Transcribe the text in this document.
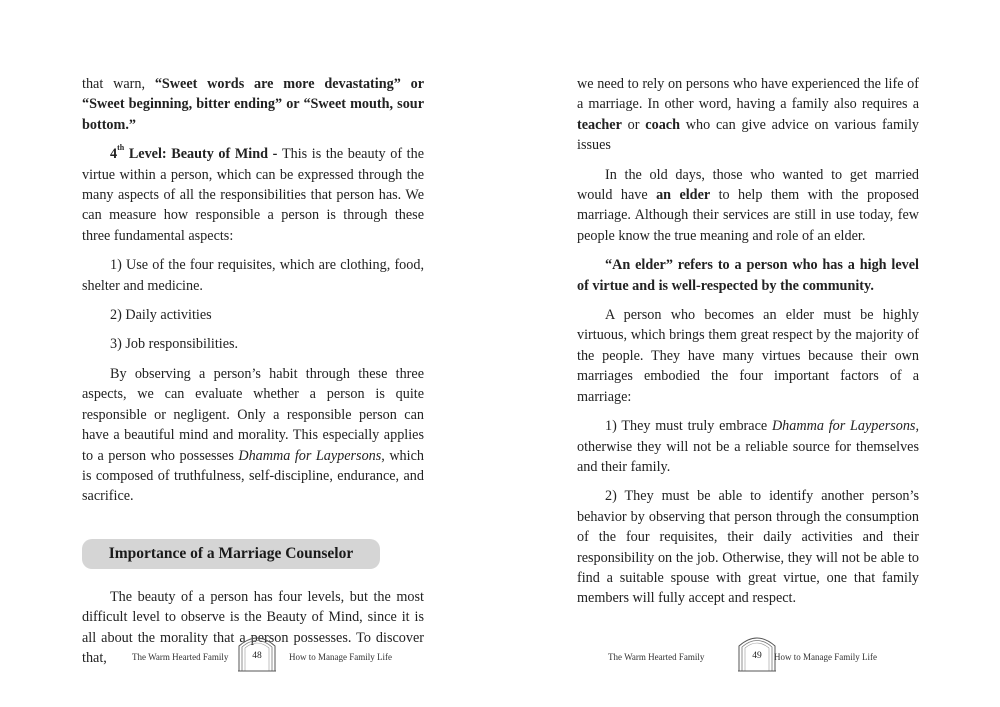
that warn, “Sweet words are more devastating” or “Sweet beginning, bitter ending” or “Sweet mouth, sour bottom.”

4th Level: Beauty of Mind - This is the beauty of the virtue within a person, which can be expressed through the many aspects of all the responsibilities that person has. We can measure how responsible a person is through these three fundamental aspects:

1) Use of the four requisites, which are clothing, food, shelter and medicine.

2) Daily activities

3) Job responsibilities.

By observing a person’s habit through these three aspects, we can evaluate whether a person is quite responsible or negligent. Only a responsible person can have a beautiful mind and morality. This especially applies to a person who possesses Dhamma for Laypersons, which is composed of truthfulness, self-discipline, endurance, and sacrifice.

Importance of a Marriage Counselor

The beauty of a person has four levels, but the most difficult level to observe is the Beauty of Mind, since it is all about the morality that a person possesses. To discover that,	The Warm Hearted Family	48	How to Manage Family Life

we need to rely on persons who have experienced the life of a marriage. In other word, having a family also requires a teacher or coach who can give advice on various family issues

In the old days, those who wanted to get married would have an elder to help them with the proposed marriage. Although their services are still in use today, few people know the true meaning and role of an elder.

“An elder” refers to a person who has a high level of virtue and is well-respected by the community.

A person who becomes an elder must be highly virtuous, which brings them great respect by the majority of the people. They have many virtues because their own marriages embodied the four important factors of a marriage:

1) They must truly embrace Dhamma for Laypersons, otherwise they will not be a reliable source for themselves and their family.

2) They must be able to identify another person’s behavior by observing that person through the consumption of the four requisites, their daily activities and their responsibility on the job. Otherwise, they will not be able to find a suitable spouse with great virtue, one that family members will fully accept and respect.

The Warm Hearted Family	49	How to Manage Family Life
